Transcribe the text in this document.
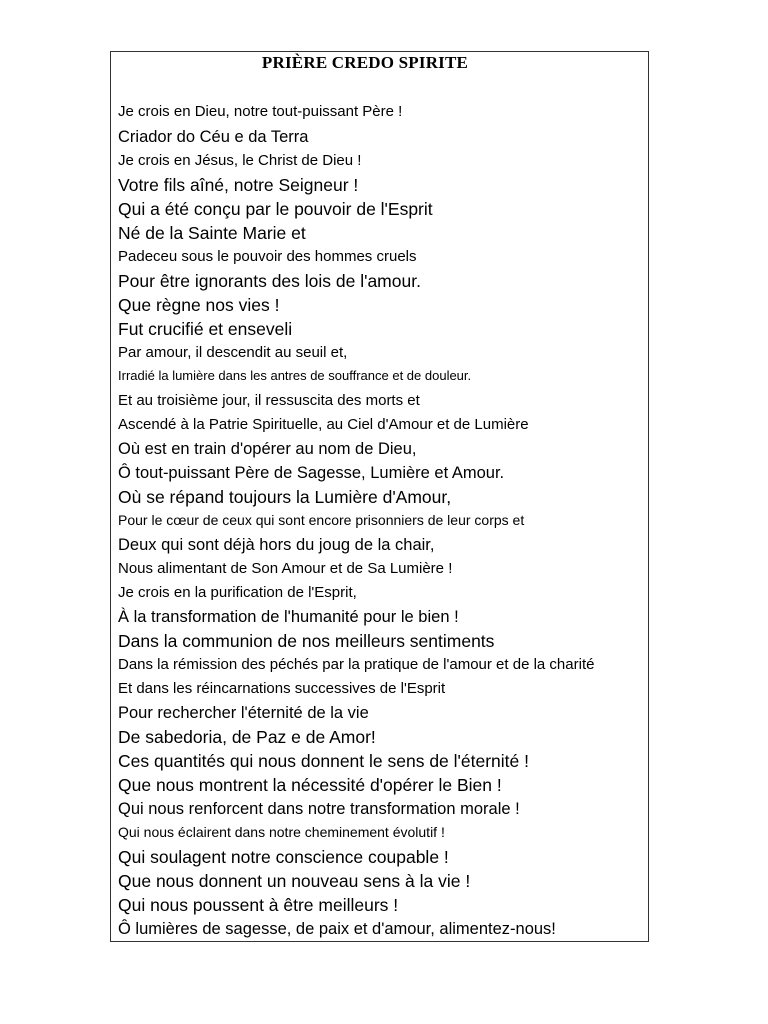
PRIÈRE CREDO SPIRITE
Je crois en Dieu, notre tout-puissant Père !
Criador do Céu e da Terra
Je crois en Jésus, le Christ de Dieu !
Votre fils aîné, notre Seigneur !
Qui a été conçu par le pouvoir de l'Esprit
Né de la Sainte Marie et
Padeceu sous le pouvoir des hommes cruels
Pour être ignorants des lois de l'amour.
Que règne nos vies !
Fut crucifié et enseveli
Par amour, il descendit au seuil et,
Irradié la lumière dans les antres de souffrance et de douleur.
Et au troisième jour, il ressuscita des morts et
Ascendé à la Patrie Spirituelle, au Ciel d'Amour et de Lumière
Où est en train d'opérer au nom de Dieu,
Ô tout-puissant Père de Sagesse, Lumière et Amour.
Où se répand toujours la Lumière d'Amour,
Pour le cœur de ceux qui sont encore prisonniers de leur corps et
Deux qui sont déjà hors du joug de la chair,
Nous alimentant de Son Amour et de Sa Lumière !
Je crois en la purification de l'Esprit,
À la transformation de l'humanité pour le bien !
Dans la communion de nos meilleurs sentiments
Dans la rémission des péchés par la pratique de l'amour et de la charité
Et dans les réincarnations successives de l'Esprit
Pour rechercher l'éternité de la vie
De sabedoria, de Paz e de Amor!
Ces quantités qui nous donnent le sens de l'éternité !
Que nous montrent la nécessité d'opérer le Bien !
Qui nous renforcent dans notre transformation morale !
Qui nous éclairent dans notre cheminement évolutif !
Qui soulagent notre conscience coupable !
Que nous donnent un nouveau sens à la vie !
Qui nous poussent à être meilleurs !
Ô lumières de sagesse, de paix et d'amour, alimentez-nous!
